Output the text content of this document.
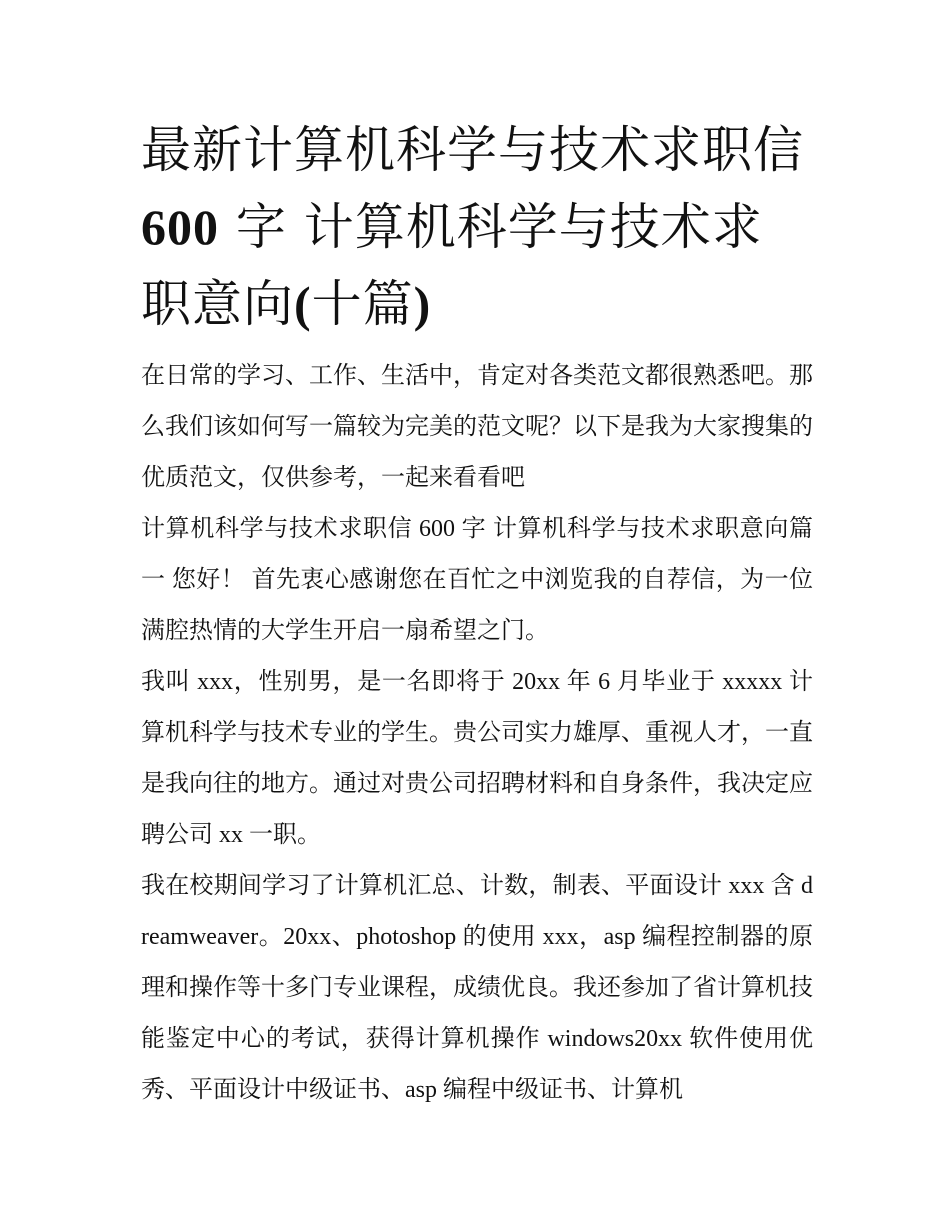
最新计算机科学与技术求职信600 字 计算机科学与技术求职意向(十篇)

在日常的学习、工作、生活中，肯定对各类范文都很熟悉吧。那么我们该如何写一篇较为完美的范文呢？以下是我为大家搜集的优质范文，仅供参考，一起来看看吧

计算机科学与技术求职信 600 字 计算机科学与技术求职意向篇一 您好！ 首先衷心感谢您在百忙之中浏览我的自荐信，为一位满腔热情的大学生开启一扇希望之门。

我叫 xxx，性别男，是一名即将于 20xx 年 6 月毕业于 xxxxx 计算机科学与技术专业的学生。贵公司实力雄厚、重视人才，一直是我向往的地方。通过对贵公司招聘材料和自身条件，我决定应聘公司 xx 一职。

我在校期间学习了计算机汇总、计数，制表、平面设计 xxx 含 dreamweaver。20xx、photoshop 的使用 xxx，asp 编程控制器的原理和操作等十多门专业课程，成绩优良。我还参加了省计算机技能鉴定中心的考试，获得计算机操作 windows20xx 软件使用优秀、平面设计中级证书、asp 编程中级证书、计算机
